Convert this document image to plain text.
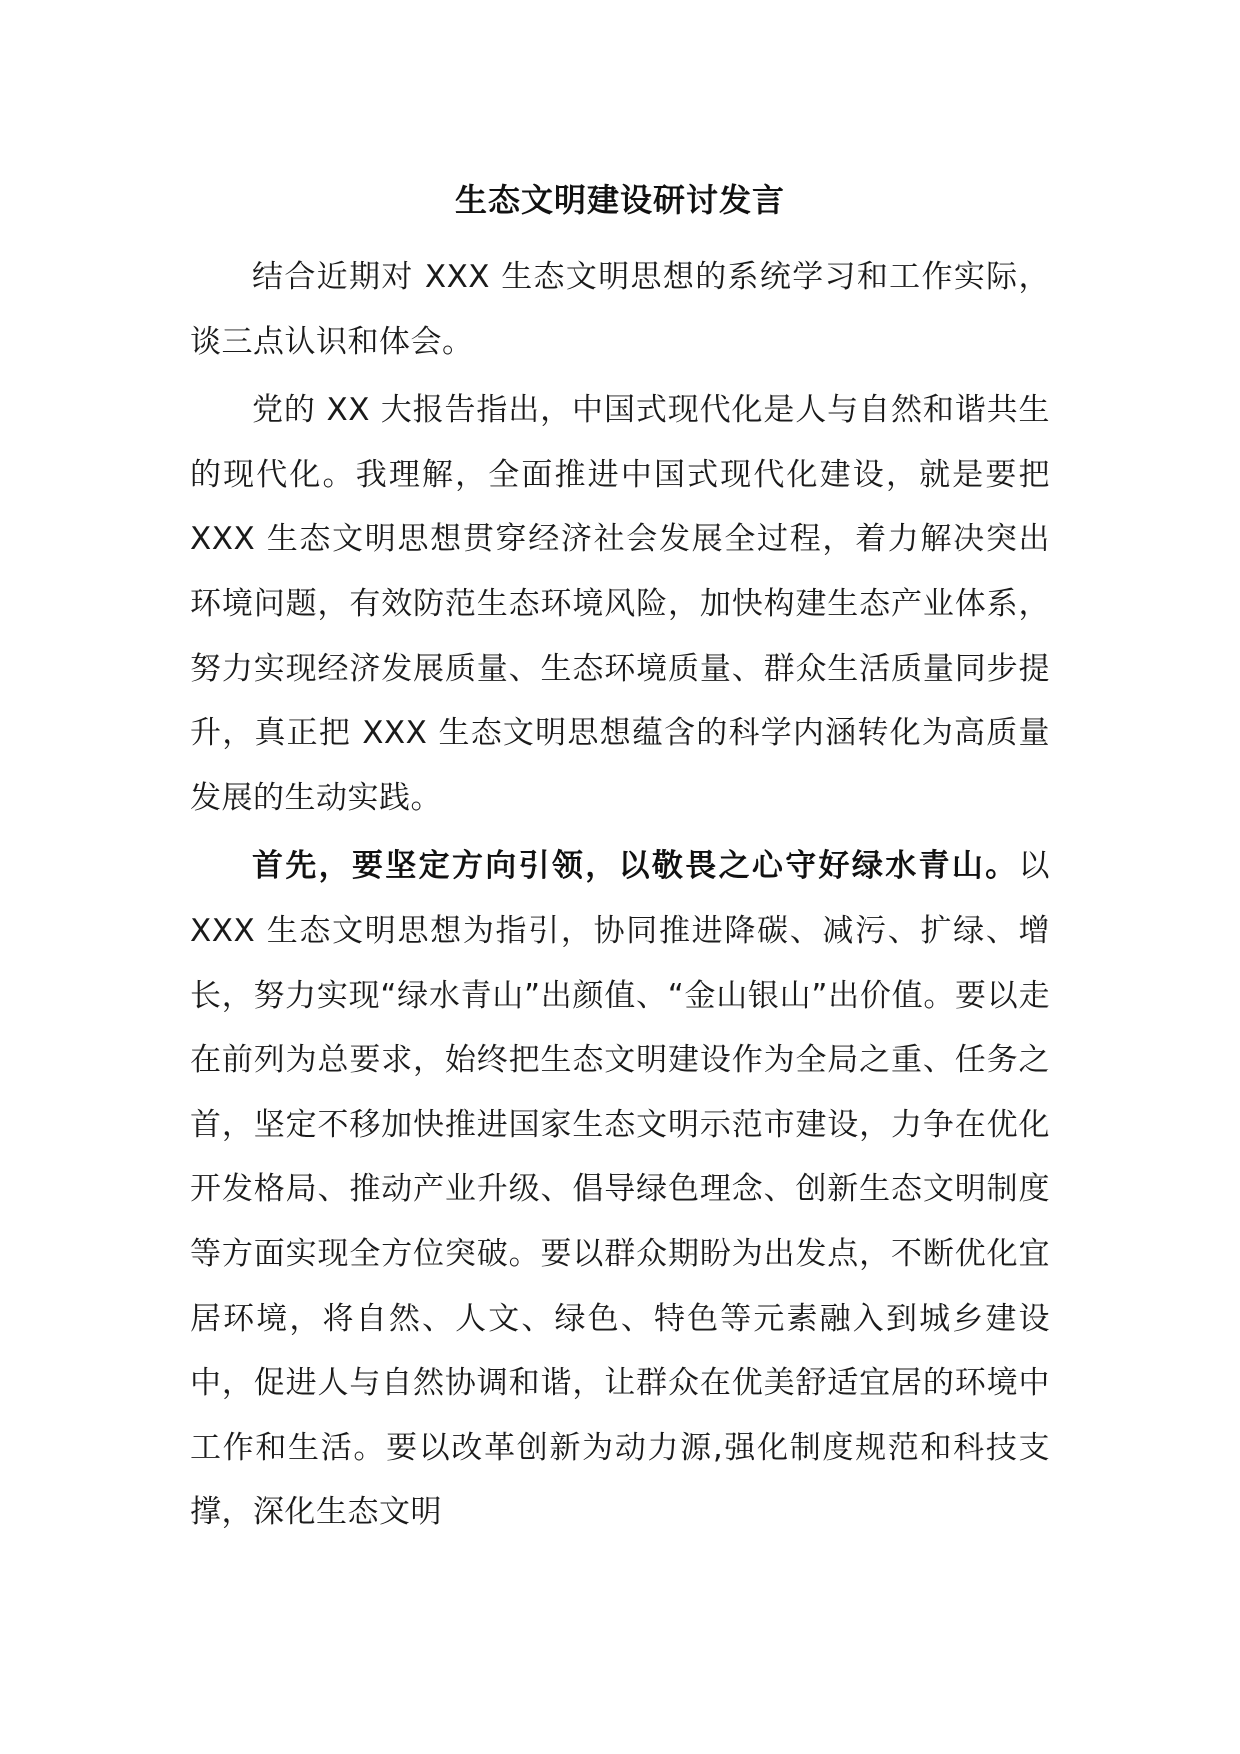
生态文明建设研讨发言

结合近期对 XXX 生态文明思想的系统学习和工作实际，谈三点认识和体会。

党的 XX 大报告指出，中国式现代化是人与自然和谐共生的现代化。我理解，全面推进中国式现代化建设，就是要把 XXX 生态文明思想贯穿经济社会发展全过程，着力解决突出环境问题，有效防范生态环境风险，加快构建生态产业体系，努力实现经济发展质量、生态环境质量、群众生活质量同步提升，真正把 XXX 生态文明思想蕴含的科学内涵转化为高质量发展的生动实践。

首先，要坚定方向引领，以敬畏之心守好绿水青山。以 XXX 生态文明思想为指引，协同推进降碳、减污、扩绿、增长，努力实现“绿水青山”出颜值、“金山银山”出价值。要以走在前列为总要求，始终把生态文明建设作为全局之重、任务之首，坚定不移加快推进国家生态文明示范市建设，力争在优化开发格局、推动产业升级、倡导绿色理念、创新生态文明制度等方面实现全方位突破。要以群众期盼为出发点，不断优化宜居环境，将自然、人文、绿色、特色等元素融入到城乡建设中，促进人与自然协调和谐，让群众在优美舒适宜居的环境中工作和生活。要以改革创新为动力源,强化制度规范和科技支撑，深化生态文明
